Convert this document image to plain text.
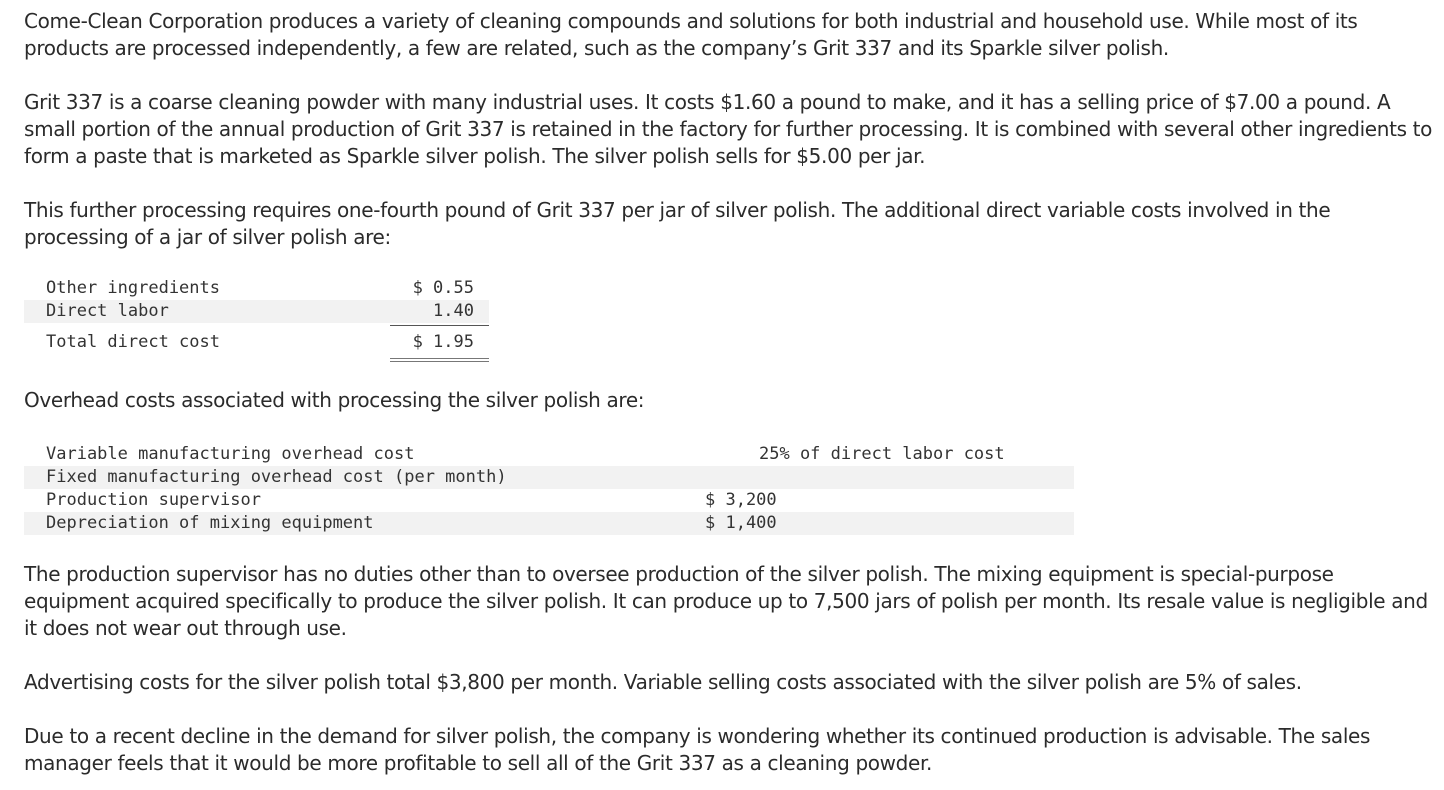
Come-Clean Corporation produces a variety of cleaning compounds and solutions for both industrial and household use. While most of its products are processed independently, a few are related, such as the company’s Grit 337 and its Sparkle silver polish.

Grit 337 is a coarse cleaning powder with many industrial uses. It costs $1.60 a pound to make, and it has a selling price of $7.00 a pound. A small portion of the annual production of Grit 337 is retained in the factory for further processing. It is combined with several other ingredients to form a paste that is marketed as Sparkle silver polish. The silver polish sells for $5.00 per jar.

This further processing requires one-fourth pound of Grit 337 per jar of silver polish. The additional direct variable costs involved in the processing of a jar of silver polish are:

Other ingredients	$ 0.55
Direct labor	1.40
Total direct cost	$ 1.95

Overhead costs associated with processing the silver polish are:

Variable manufacturing overhead cost	25% of direct labor cost
Fixed manufacturing overhead cost (per month)
Production supervisor	$ 3,200
Depreciation of mixing equipment	$ 1,400

The production supervisor has no duties other than to oversee production of the silver polish. The mixing equipment is special-purpose equipment acquired specifically to produce the silver polish. It can produce up to 7,500 jars of polish per month. Its resale value is negligible and it does not wear out through use.

Advertising costs for the silver polish total $3,800 per month. Variable selling costs associated with the silver polish are 5% of sales.

Due to a recent decline in the demand for silver polish, the company is wondering whether its continued production is advisable. The sales manager feels that it would be more profitable to sell all of the Grit 337 as a cleaning powder.
